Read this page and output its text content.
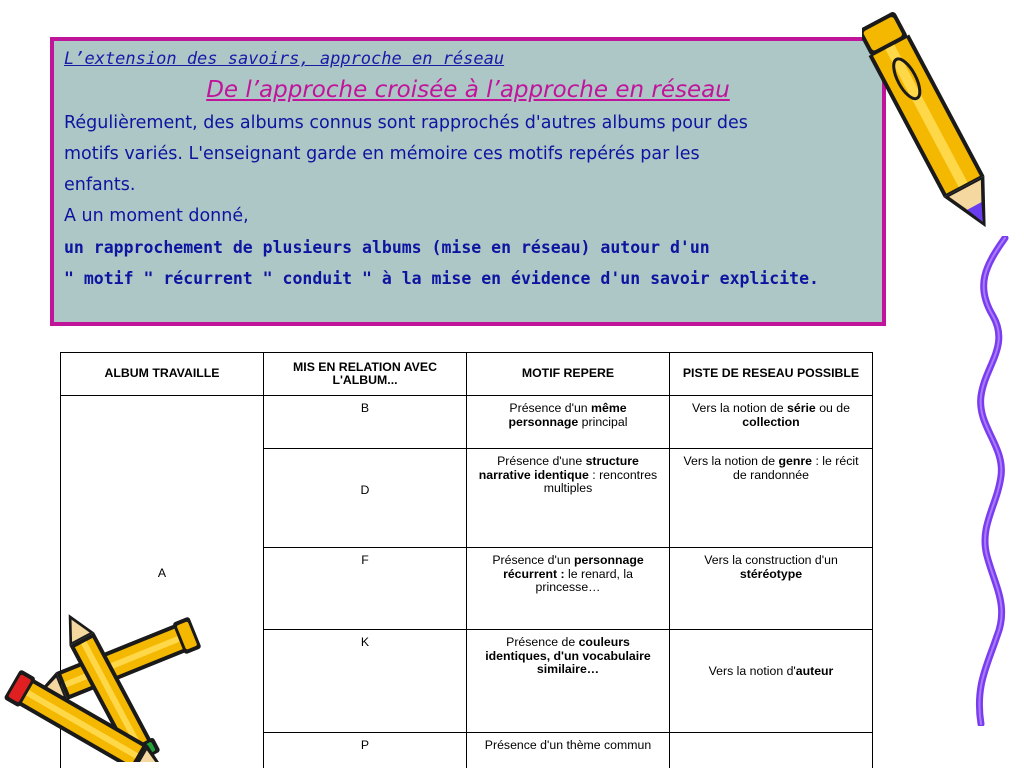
L’extension des savoirs, approche en réseau

De l’approche croisée à l’approche en réseau

Régulièrement, des albums connus sont rapprochés d'autres albums pour des

motifs variés. L'enseignant garde en mémoire ces motifs repérés par les

enfants.

A un moment donné,

un rapprochement de plusieurs albums (mise en réseau) autour d'un

" motif " récurrent " conduit " à la mise en évidence d'un savoir explicite.

ALBUM TRAVAILLE	MIS EN RELATION AVEC L'ALBUM...	MOTIF REPERE	PISTE DE RESEAU POSSIBLE
A	B	Présence d'un même personnage principal	Vers la notion de série ou de collection
	D	Présence d'une structure narrative identique : rencontres multiples	Vers la notion de genre : le récit de randonnée
	F	Présence d'un personnage récurrent : le renard, la princesse…	Vers la construction d'un stéréotype
	K	Présence de couleurs identiques, d'un vocabulaire similaire…	Vers la notion d'auteur
	P	Présence d'un thème commun	
